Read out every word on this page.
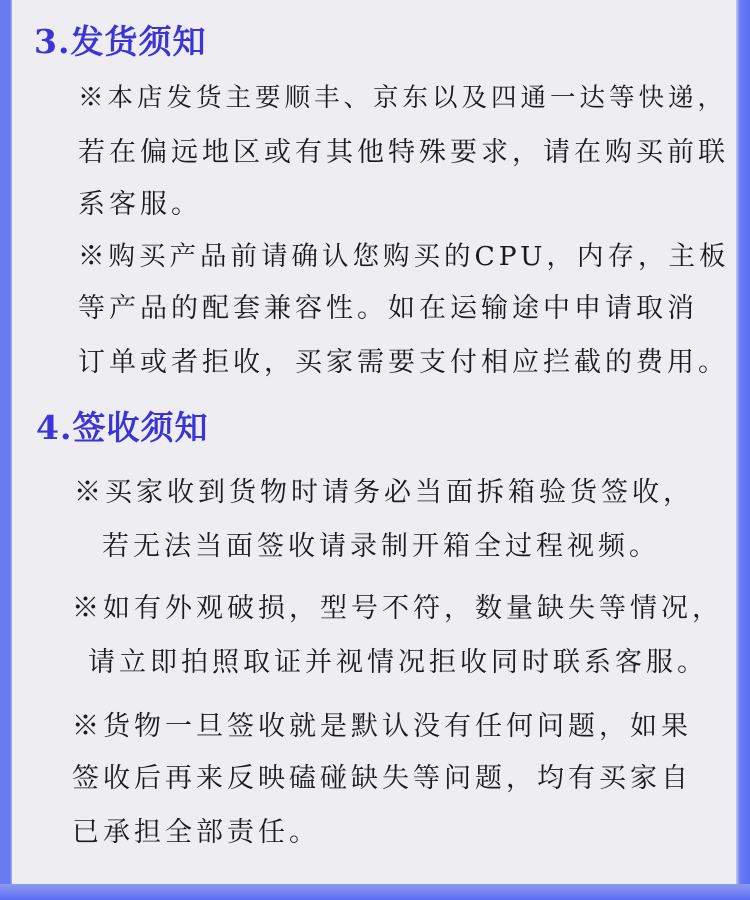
3.发货须知

※本店发货主要顺丰、京东以及四通一达等快递，

若在偏远地区或有其他特殊要求，请在购买前联

系客服。

※购买产品前请确认您购买的CPU，内存，主板

等产品的配套兼容性。如在运输途中申请取消

订单或者拒收，买家需要支付相应拦截的费用。

4.签收须知

※买家收到货物时请务必当面拆箱验货签收，

若无法当面签收请录制开箱全过程视频。

※如有外观破损，型号不符，数量缺失等情况，

请立即拍照取证并视情况拒收同时联系客服。

※货物一旦签收就是默认没有任何问题，如果

签收后再来反映磕碰缺失等问题，均有买家自

已承担全部责任。
